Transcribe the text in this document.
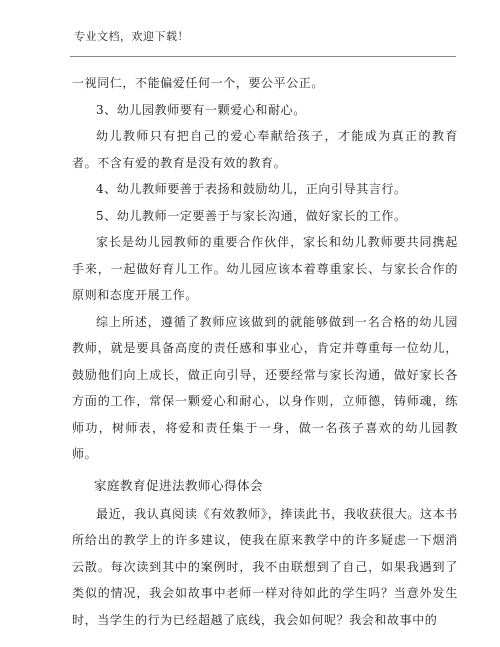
专业文档，欢迎下载！

一视同仁，不能偏爱任何一个，要公平公正。

3、幼儿园教师要有一颗爱心和耐心。

幼儿教师只有把自己的爱心奉献给孩子，才能成为真正的教育者。不含有爱的教育是没有效的教育。

4、幼儿教师要善于表扬和鼓励幼儿，正向引导其言行。

5、幼儿教师一定要善于与家长沟通，做好家长的工作。

家长是幼儿园教师的重要合作伙伴，家长和幼儿教师要共同携起手来，一起做好育儿工作。幼儿园应该本着尊重家长、与家长合作的原则和态度开展工作。

综上所述，遵循了教师应该做到的就能够做到一名合格的幼儿园教师，就是要具备高度的责任感和事业心，肯定并尊重每一位幼儿，鼓励他们向上成长，做正向引导，还要经常与家长沟通，做好家长各方面的工作，常保一颗爱心和耐心，以身作则，立师德，铸师魂，练师功，树师表，将爱和责任集于一身，做一名孩子喜欢的幼儿园教师。

家庭教育促进法教师心得体会

最近，我认真阅读《有效教师》，捧读此书，我收获很大。这本书所给出的教学上的许多建议，使我在原来教学中的许多疑虑一下烟消云散。每次读到其中的案例时，我不由联想到了自己，如果我遇到了类似的情况，我会如故事中老师一样对待如此的学生吗？当意外发生时，当学生的行为已经超越了底线，我会如何呢？我会和故事中的
